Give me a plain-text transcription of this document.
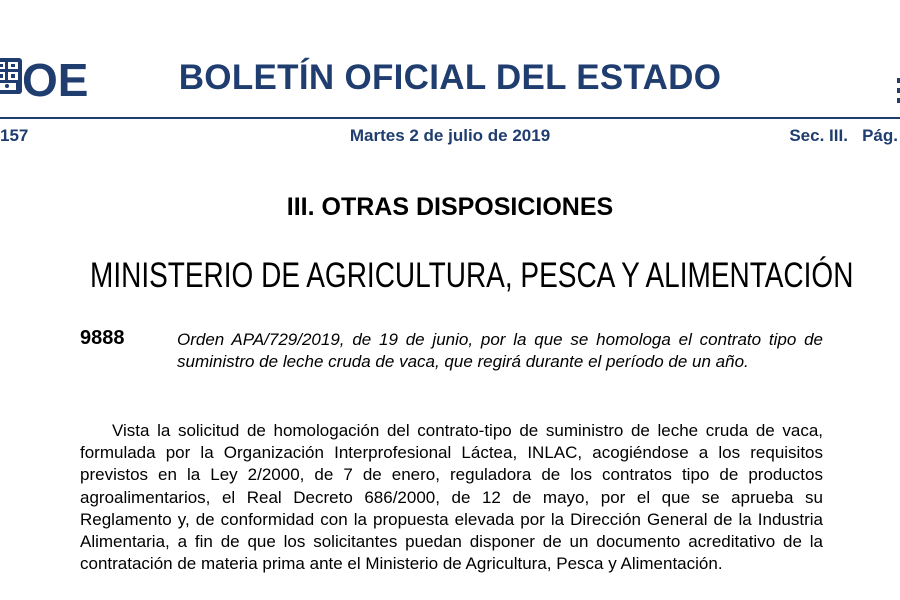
OE	BOLETÍN OFICIAL DEL ESTADO
157	Martes 2 de julio de 2019	Sec. III. Pág.
III. OTRAS DISPOSICIONES
MINISTERIO DE AGRICULTURA, PESCA Y ALIMENTACIÓN
9888	Orden APA/729/2019, de 19 de junio, por la que se homologa el contrato tipo de suministro de leche cruda de vaca, que regirá durante el período de un año.
Vista la solicitud de homologación del contrato-tipo de suministro de leche cruda de vaca, formulada por la Organización Interprofesional Láctea, INLAC, acogiéndose a los requisitos previstos en la Ley 2/2000, de 7 de enero, reguladora de los contratos tipo de productos agroalimentarios, el Real Decreto 686/2000, de 12 de mayo, por el que se aprueba su Reglamento y, de conformidad con la propuesta elevada por la Dirección General de la Industria Alimentaria, a fin de que los solicitantes puedan disponer de un documento acreditativo de la contratación de materia prima ante el Ministerio de Agricultura, Pesca y Alimentación.
